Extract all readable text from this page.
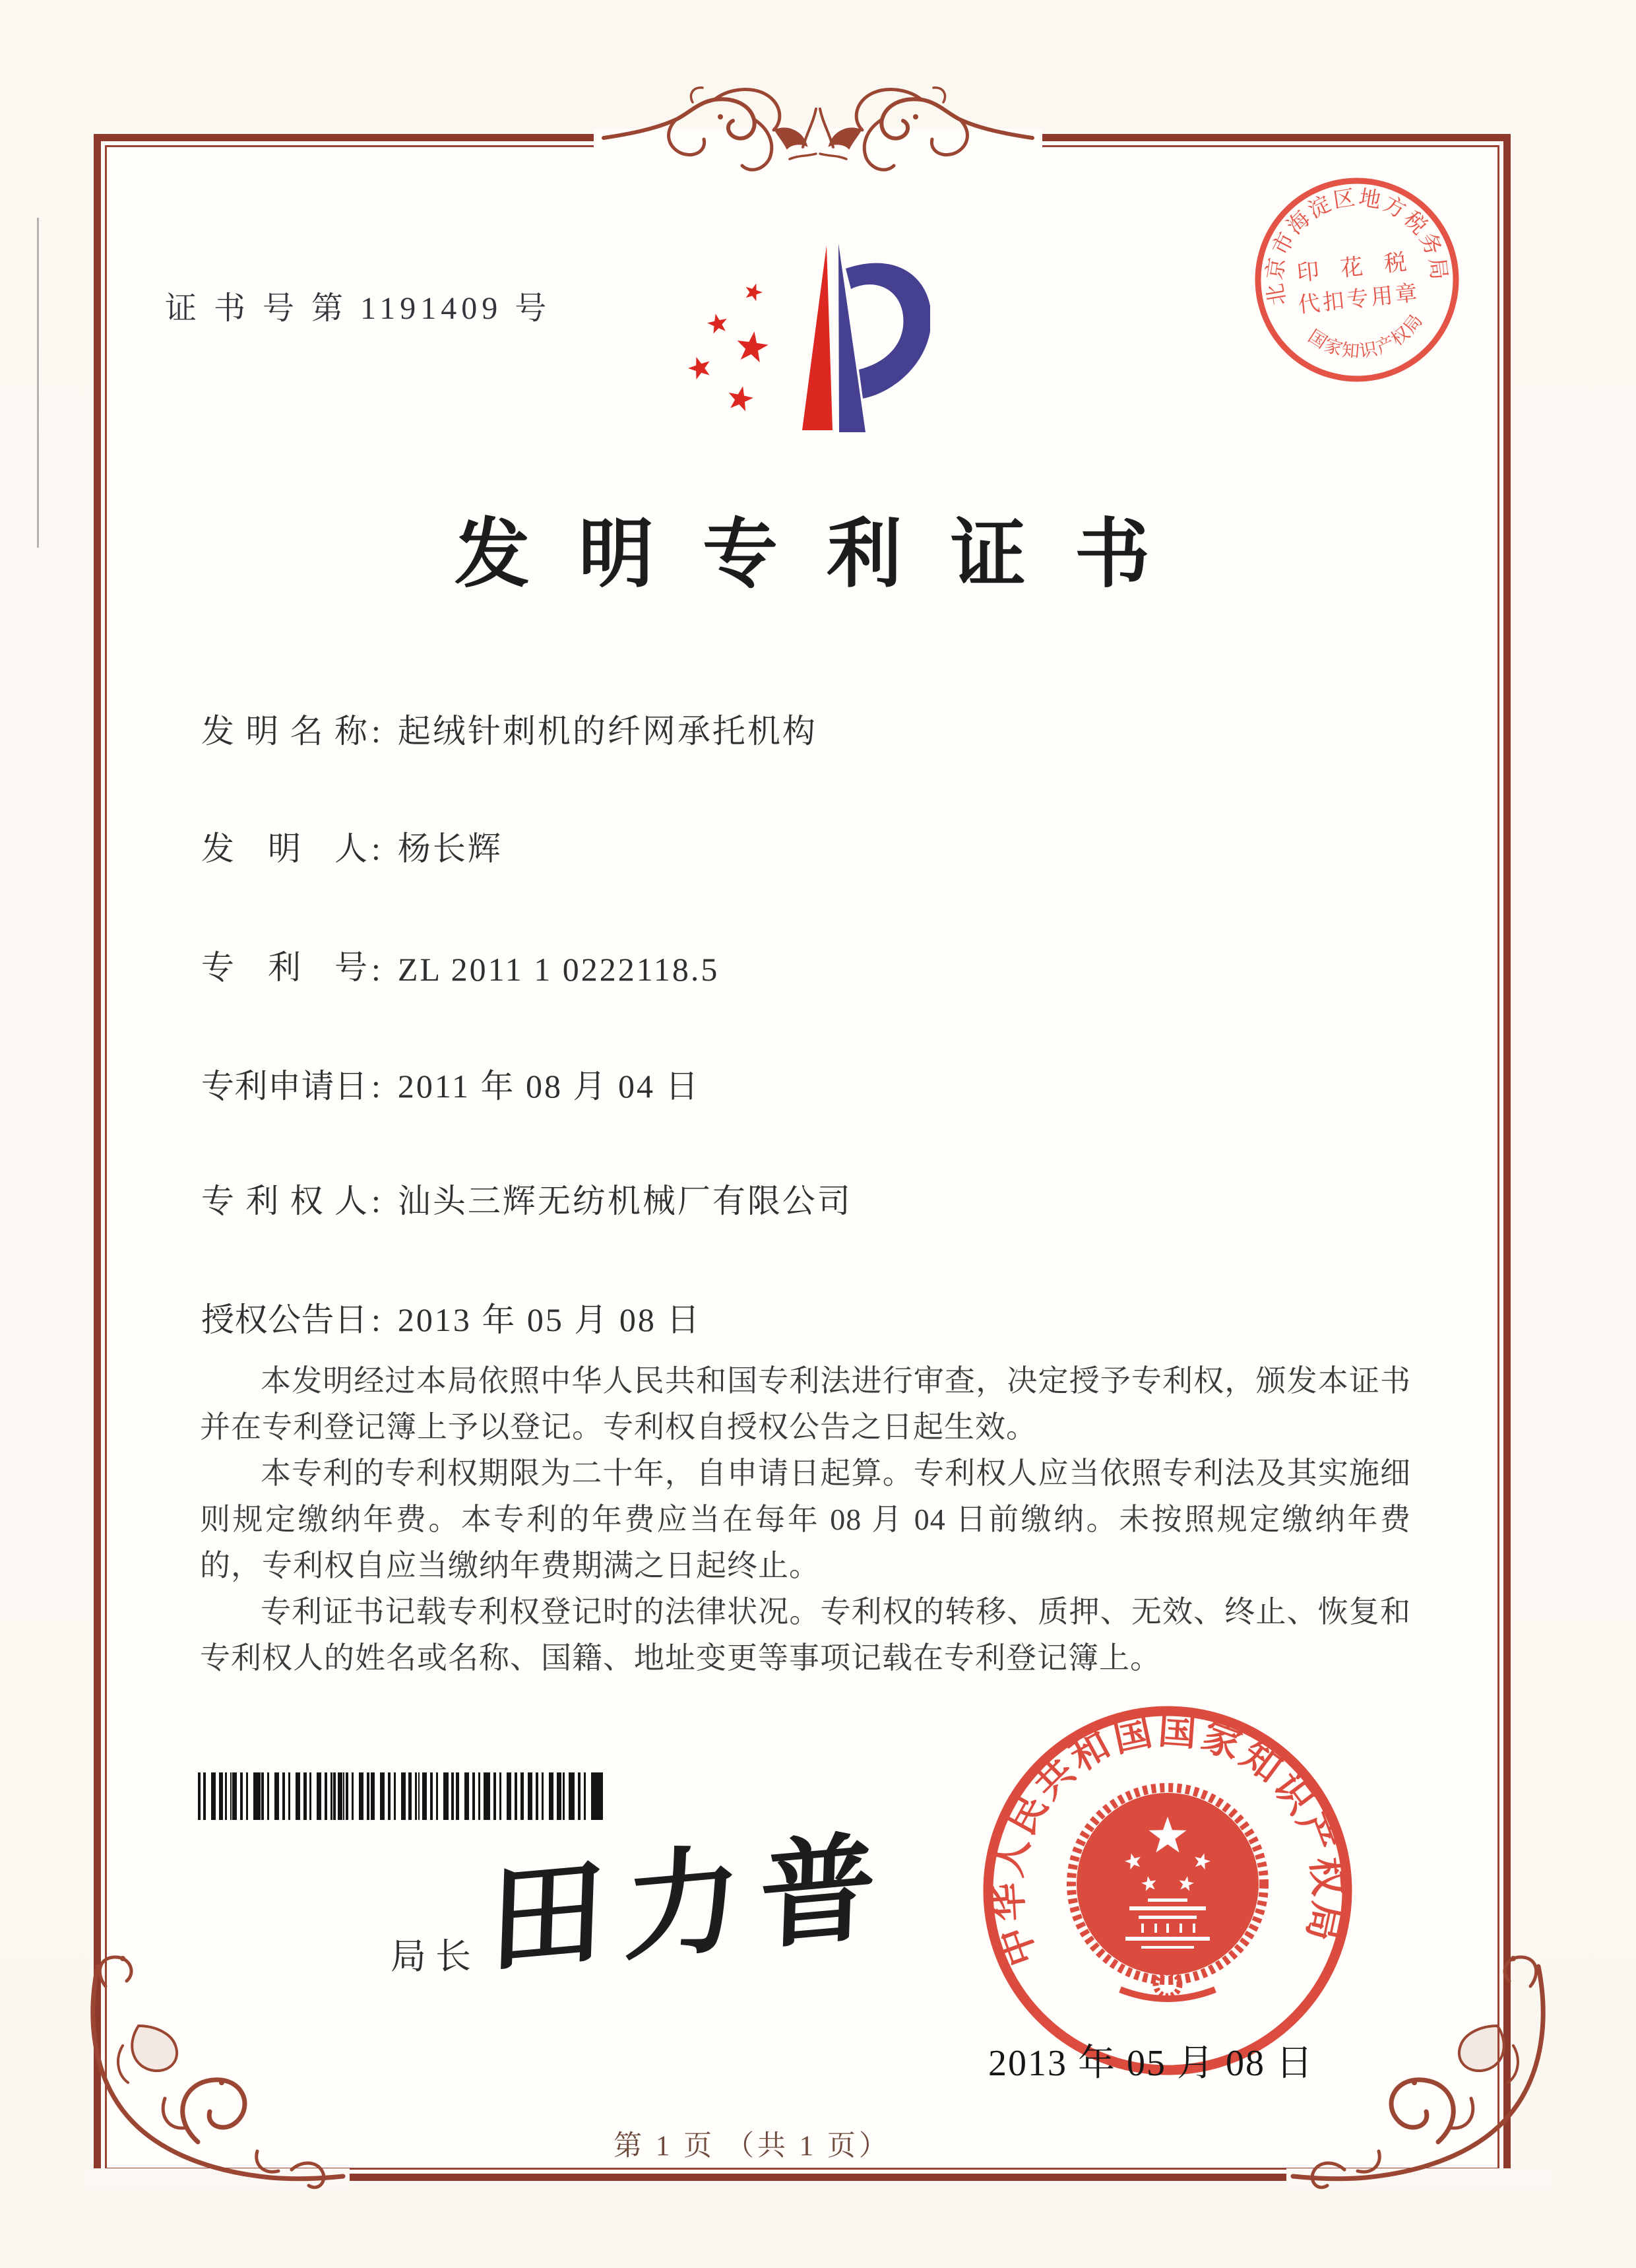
证 书 号 第 1191409 号	北京市海淀区地方税务局
国家知识产权局
印 花 税
代扣专用章
发明专利证书
发明名称 : 起绒针刺机的纤网承托机构
发明人 : 杨长辉
专利号 : ZL 2011 1 0222118.5
专利申请日 : 2011 年 08 月 04 日
专利权人 : 汕头三辉无纺机械厂有限公司
授权公告日 : 2013 年 05 月 08 日

本发明经过本局依照中华人民共和国专利法进行审查，决定授予专利权，颁发本证书并在专利登记簿上予以登记。专利权自授权公告之日起生效。

本专利的专利权期限为二十年，自申请日起算。专利权人应当依照专利法及其实施细则规定缴纳年费。本专利的年费应当在每年 08 月 04 日前缴纳。未按照规定缴纳年费的，专利权自应当缴纳年费期满之日起终止。

专利证书记载专利权登记时的法律状况。专利权的转移、质押、无效、终止、恢复和专利权人的姓名或名称、国籍、地址变更等事项记载在专利登记簿上。

局长 田力普 中华人民共和国国家知识产权局
2013 年 05 月 08 日
第 1 页 （共 1 页）
